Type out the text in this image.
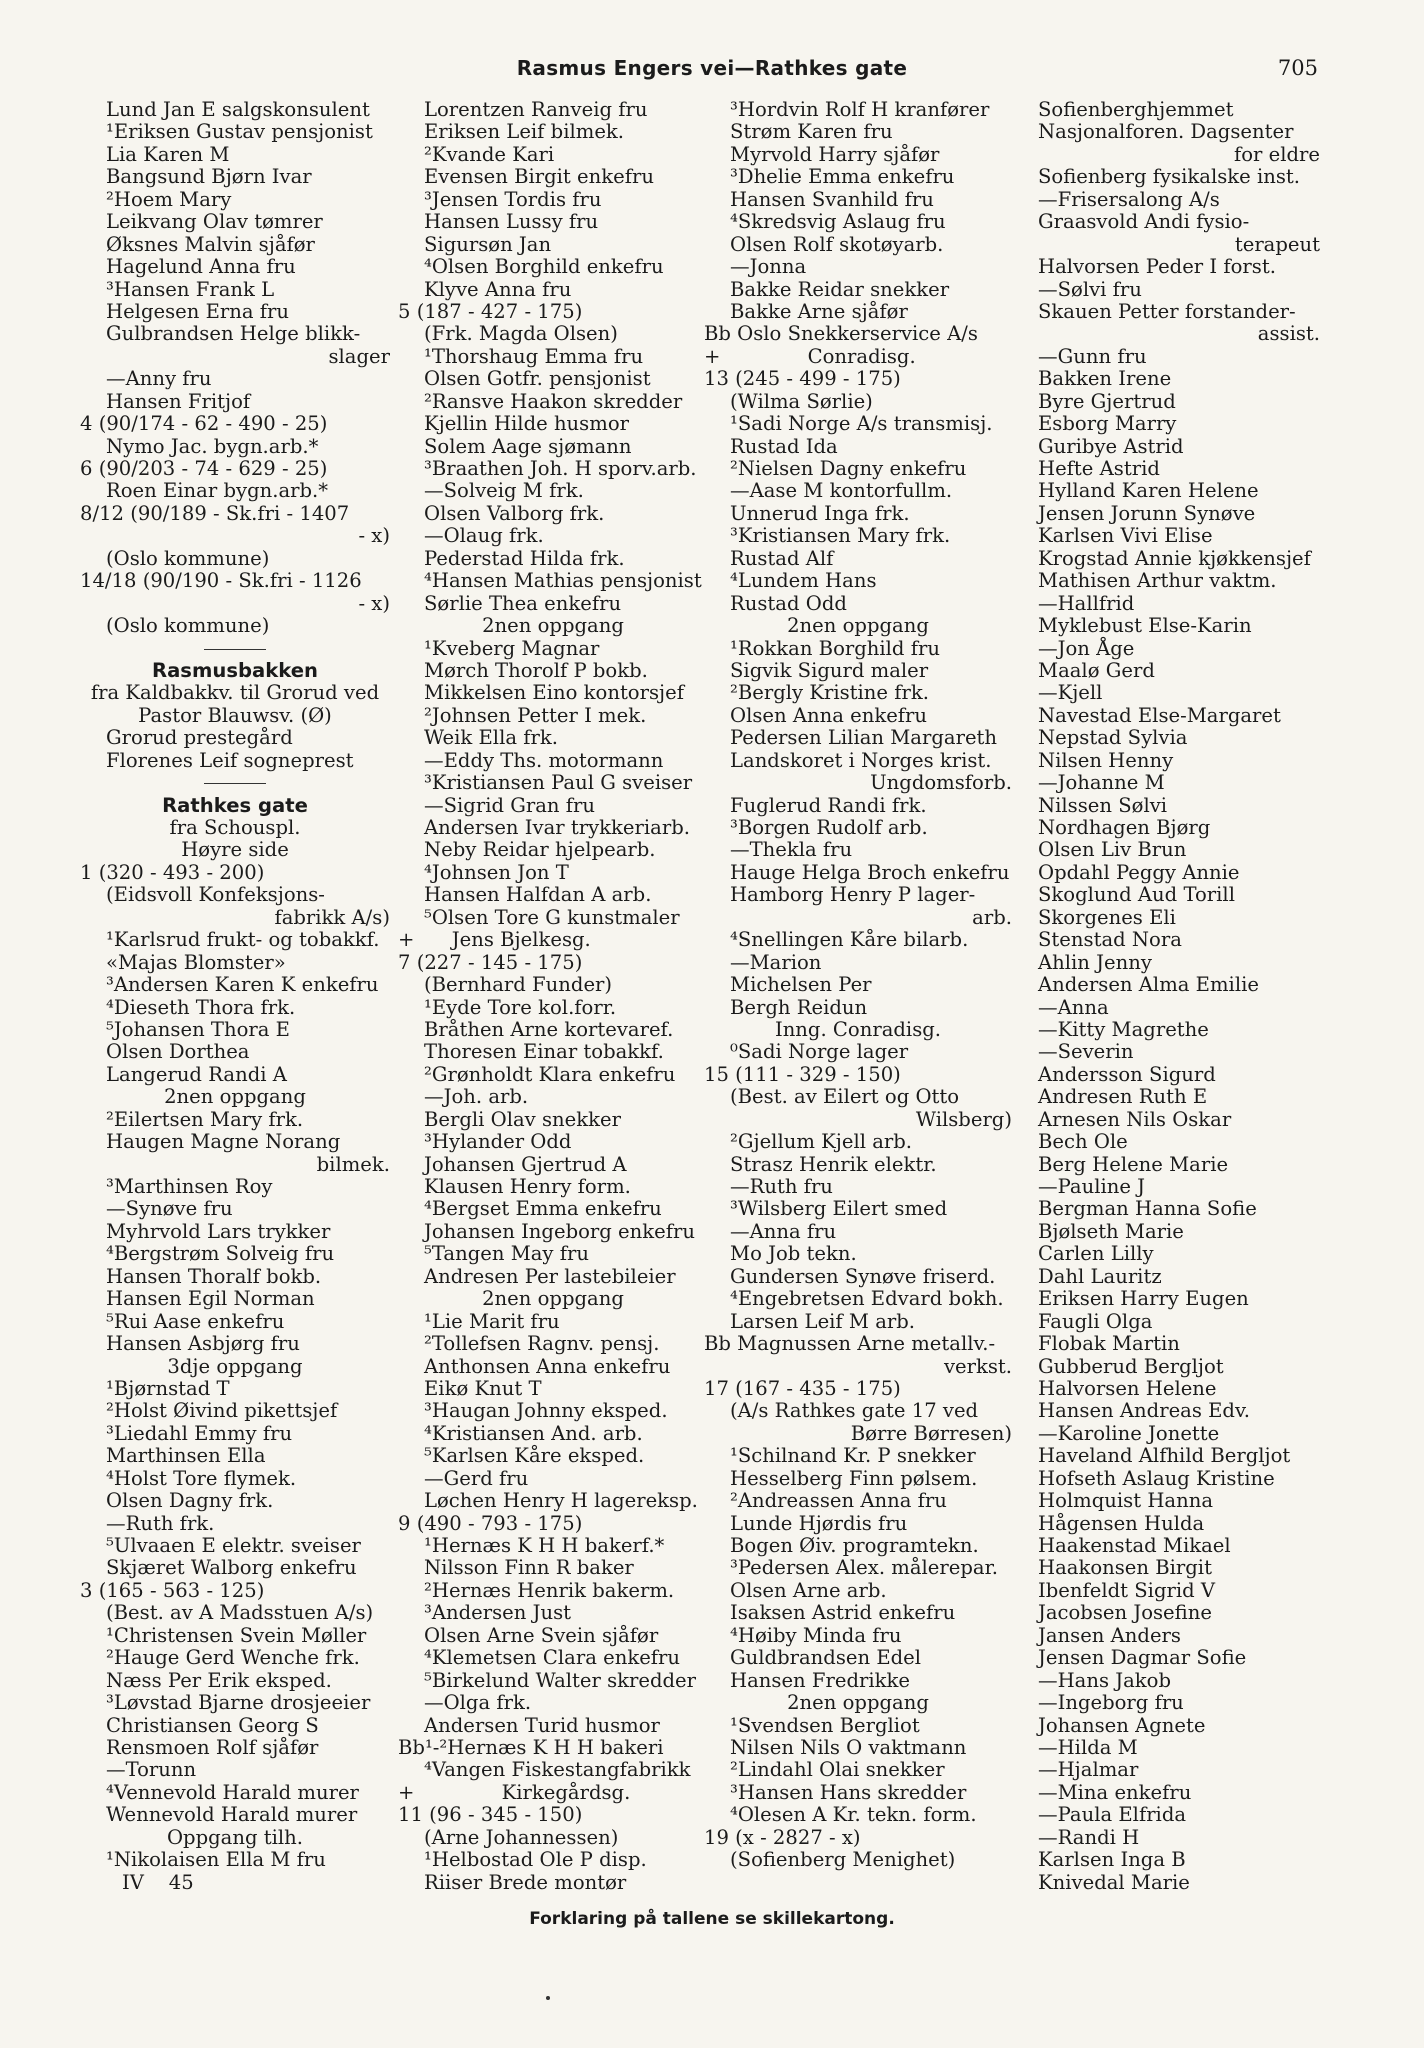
Rasmus Engers vei—Rathkes gate	705
Lund Jan E salgskonsulent
¹Eriksen Gustav pensjonist
Lia Karen M
Bangsund Bjørn Ivar
²Hoem Mary
Leikvang Olav tømrer
Øksnes Malvin sjåfør
Hagelund Anna fru
³Hansen Frank L
Helgesen Erna fru
Gulbrandsen Helge blikk-
slager
—Anny fru
Hansen Fritjof
4 (90/174 - 62 - 490 - 25)
Nymo Jac. bygn.arb.*
6 (90/203 - 74 - 629 - 25)
Roen Einar bygn.arb.*
8/12 (90/189 - Sk.fri - 1407
- x)
(Oslo kommune)
14/18 (90/190 - Sk.fri - 1126
- x)
(Oslo kommune)
Rasmusbakken
fra Kaldbakkv. til Grorud ved
Pastor Blauwsv. (Ø)
Grorud prestegård
Florenes Leif sogneprest
Rathkes gate
fra Schouspl.
Høyre side
1 (320 - 493 - 200)
(Eidsvoll Konfeksjons-
fabrikk A/s)
¹Karlsrud frukt- og tobakkf.
«Majas Blomster»
³Andersen Karen K enkefru
⁴Dieseth Thora frk.
⁵Johansen Thora E
Olsen Dorthea
Langerud Randi A
2nen oppgang
²Eilertsen Mary frk.
Haugen Magne Norang
bilmek.
³Marthinsen Roy
—Synøve fru
Myhrvold Lars trykker
⁴Bergstrøm Solveig fru
Hansen Thoralf bokb.
Hansen Egil Norman
⁵Rui Aase enkefru
Hansen Asbjørg fru
3dje oppgang
¹Bjørnstad T
²Holst Øivind pikettsjef
³Liedahl Emmy fru
Marthinsen Ella
⁴Holst Tore flymek.
Olsen Dagny frk.
—Ruth frk.
⁵Ulvaaen E elektr. sveiser
Skjæret Walborg enkefru
3 (165 - 563 - 125)
(Best. av A Madsstuen A/s)
¹Christensen Svein Møller
²Hauge Gerd Wenche frk.
Næss Per Erik eksped.
³Løvstad Bjarne drosjeeier
Christiansen Georg S
Rensmoen Rolf sjåfør
—Torunn
⁴Vennevold Harald murer
Wennevold Harald murer
Oppgang tilh.
¹Nikolaisen Ella M fru
IV    45
Lorentzen Ranveig fru
Eriksen Leif bilmek.
²Kvande Kari
Evensen Birgit enkefru
³Jensen Tordis fru
Hansen Lussy fru
Sigursøn Jan
⁴Olsen Borghild enkefru
Klyve Anna fru
5 (187 - 427 - 175)
(Frk. Magda Olsen)
¹Thorshaug Emma fru
Olsen Gotfr. pensjonist
²Ransve Haakon skredder
Kjellin Hilde husmor
Solem Aage sjømann
³Braathen Joh. H sporv.arb.
—Solveig M frk.
Olsen Valborg frk.
—Olaug frk.
Pederstad Hilda frk.
⁴Hansen Mathias pensjonist
Sørlie Thea enkefru
2nen oppgang
¹Kveberg Magnar
Mørch Thorolf P bokb.
Mikkelsen Eino kontorsjef
²Johnsen Petter I mek.
Weik Ella frk.
—Eddy Ths. motormann
³Kristiansen Paul G sveiser
—Sigrid Gran fru
Andersen Ivar trykkeriarb.
Neby Reidar hjelpearb.
⁴Johnsen Jon T
Hansen Halfdan A arb.
⁵Olsen Tore G kunstmaler
+      Jens Bjelkesg.
7 (227 - 145 - 175)
(Bernhard Funder)
¹Eyde Tore kol.forr.
Bråthen Arne kortevaref.
Thoresen Einar tobakkf.
²Grønholdt Klara enkefru
—Joh. arb.
Bergli Olav snekker
³Hylander Odd
Johansen Gjertrud A
Klausen Henry form.
⁴Bergset Emma enkefru
Johansen Ingeborg enkefru
⁵Tangen May fru
Andresen Per lastebileier
2nen oppgang
¹Lie Marit fru
²Tollefsen Ragnv. pensj.
Anthonsen Anna enkefru
Eikø Knut T
³Haugan Johnny eksped.
⁴Kristiansen And. arb.
⁵Karlsen Kåre eksped.
—Gerd fru
Løchen Henry H lagereksp.
9 (490 - 793 - 175)
¹Hernæs K H H bakerf.*
Nilsson Finn R baker
²Hernæs Henrik bakerm.
³Andersen Just
Olsen Arne Svein sjåfør
⁴Klemetsen Clara enkefru
⁵Birkelund Walter skredder
—Olga frk.
Andersen Turid husmor
Bb¹-²Hernæs K H H bakeri
⁴Vangen Fiskestangfabrikk
+              Kirkegårdsg.
11 (96 - 345 - 150)
(Arne Johannessen)
¹Helbostad Ole P disp.
Riiser Brede montør
³Hordvin Rolf H kranfører
Strøm Karen fru
Myrvold Harry sjåfør
³Dhelie Emma enkefru
Hansen Svanhild fru
⁴Skredsvig Aslaug fru
Olsen Rolf skotøyarb.
—Jonna
Bakke Reidar snekker
Bakke Arne sjåfør
Bb Oslo Snekkerservice A/s
+              Conradisg.
13 (245 - 499 - 175)
(Wilma Sørlie)
¹Sadi Norge A/s transmisj.
Rustad Ida
²Nielsen Dagny enkefru
—Aase M kontorfullm.
Unnerud Inga frk.
³Kristiansen Mary frk.
Rustad Alf
⁴Lundem Hans
Rustad Odd
2nen oppgang
¹Rokkan Borghild fru
Sigvik Sigurd maler
²Bergly Kristine frk.
Olsen Anna enkefru
Pedersen Lilian Margareth
Landskoret i Norges krist.
Ungdomsforb.
Fuglerud Randi frk.
³Borgen Rudolf arb.
—Thekla fru
Hauge Helga Broch enkefru
Hamborg Henry P lager-
arb.
⁴Snellingen Kåre bilarb.
—Marion
Michelsen Per
Bergh Reidun
Inng. Conradisg.
⁰Sadi Norge lager
15 (111 - 329 - 150)
(Best. av Eilert og Otto
Wilsberg)
²Gjellum Kjell arb.
Strasz Henrik elektr.
—Ruth fru
³Wilsberg Eilert smed
—Anna fru
Mo Job tekn.
Gundersen Synøve friserd.
⁴Engebretsen Edvard bokh.
Larsen Leif M arb.
Bb Magnussen Arne metallv.-
verkst.
17 (167 - 435 - 175)
(A/s Rathkes gate 17 ved
Børre Børresen)
¹Schilnand Kr. P snekker
Hesselberg Finn pølsem.
²Andreassen Anna fru
Lunde Hjørdis fru
Bogen Øiv. programtekn.
³Pedersen Alex. målerepar.
Olsen Arne arb.
Isaksen Astrid enkefru
⁴Høiby Minda fru
Guldbrandsen Edel
Hansen Fredrikke
2nen oppgang
¹Svendsen Bergliot
Nilsen Nils O vaktmann
²Lindahl Olai snekker
³Hansen Hans skredder
⁴Olesen A Kr. tekn. form.
19 (x - 2827 - x)
(Sofienberg Menighet)
Sofienberghjemmet
Nasjonalforen. Dagsenter
for eldre
Sofienberg fysikalske inst.
—Frisersalong A/s
Graasvold Andi fysio-
terapeut
Halvorsen Peder I forst.
—Sølvi fru
Skauen Petter forstander-
assist.
—Gunn fru
Bakken Irene
Byre Gjertrud
Esborg Marry
Guribye Astrid
Hefte Astrid
Hylland Karen Helene
Jensen Jorunn Synøve
Karlsen Vivi Elise
Krogstad Annie kjøkkensjef
Mathisen Arthur vaktm.
—Hallfrid
Myklebust Else-Karin
—Jon Åge
Maalø Gerd
—Kjell
Navestad Else-Margaret
Nepstad Sylvia
Nilsen Henny
—Johanne M
Nilssen Sølvi
Nordhagen Bjørg
Olsen Liv Brun
Opdahl Peggy Annie
Skoglund Aud Torill
Skorgenes Eli
Stenstad Nora
Ahlin Jenny
Andersen Alma Emilie
—Anna
—Kitty Magrethe
—Severin
Andersson Sigurd
Andresen Ruth E
Arnesen Nils Oskar
Bech Ole
Berg Helene Marie
—Pauline J
Bergman Hanna Sofie
Bjølseth Marie
Carlen Lilly
Dahl Lauritz
Eriksen Harry Eugen
Faugli Olga
Flobak Martin
Gubberud Bergljot
Halvorsen Helene
Hansen Andreas Edv.
—Karoline Jonette
Haveland Alfhild Bergljot
Hofseth Aslaug Kristine
Holmquist Hanna
Hågensen Hulda
Haakenstad Mikael
Haakonsen Birgit
Ibenfeldt Sigrid V
Jacobsen Josefine
Jansen Anders
Jensen Dagmar Sofie
—Hans Jakob
—Ingeborg fru
Johansen Agnete
—Hilda M
—Hjalmar
—Mina enkefru
—Paula Elfrida
—Randi H
Karlsen Inga B
Knivedal Marie
Forklaring på tallene se skillekartong.
